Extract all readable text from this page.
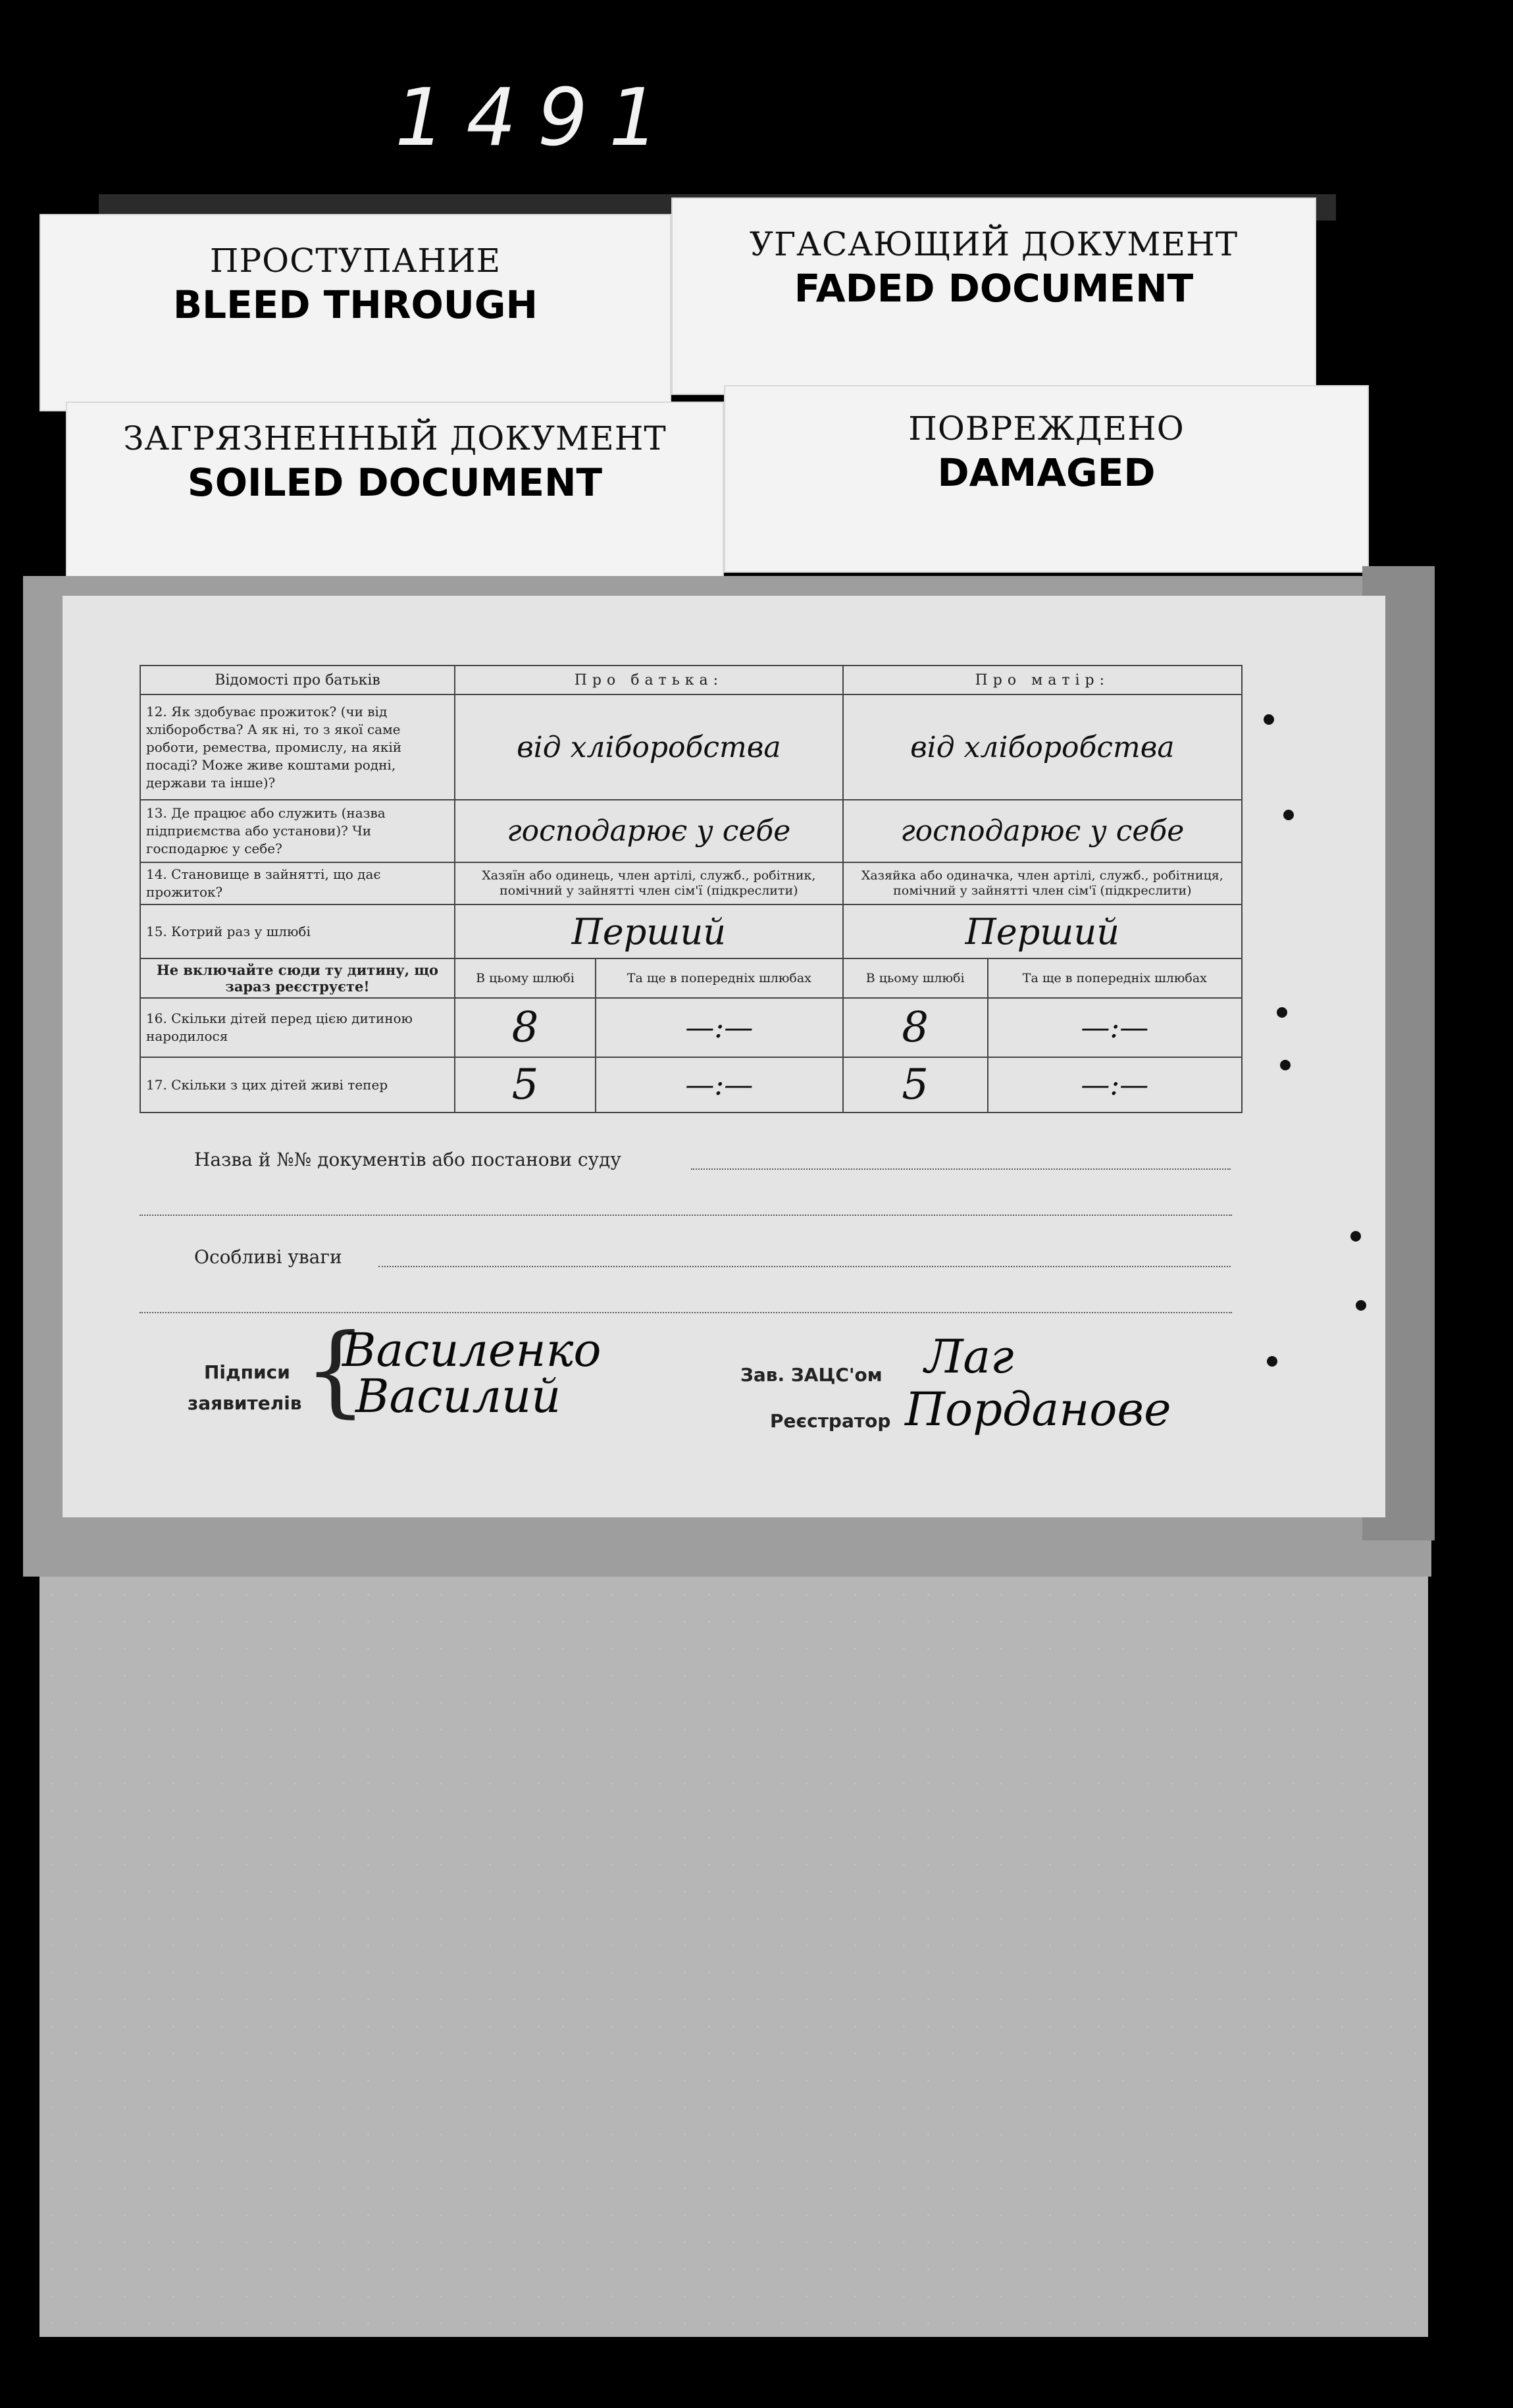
1491
ПРОСТУПАНИЕ
BLEED THROUGH
УГАСАЮЩИЙ ДОКУМЕНТ
FADED DOCUMENT
ЗАГРЯЗНЕННЫЙ ДОКУМЕНТ
SOILED DOCUMENT
ПОВРЕЖДЕНО
DAMAGED
Відомості про батьків	Про батька:		Про матір:	
12. Як здобуває прожиток? (чи від хліборобства? А як ні, то з якої саме роботи, ремества, промислу, на якій посаді? Може живе коштами родні, держави та інше)?	від хліборобства		від хліборобства	
13. Де працює або служить (назва підприємства або установи)? Чи господарює у себе?	господарює у себе		господарює у себе	
14. Становище в зайнятті, що дає прожиток?	Хазяїн або одинець, член артілі, служб., робітник, помічний у зайнятті член сім'ї (підкреслити)		Хазяйка або одиначка, член артілі, служб., робітниця, помічний у зайнятті член сім'ї (підкреслити)	
15. Котрий раз у шлюбі	Перший		Перший	
Не включайте сюди ту дитину, що зараз реєструєте!	В цьому шлюбі	Та ще в попередніх шлюбах	В цьому шлюбі	Та ще в попередніх шлюбах
16. Скільки дітей перед цією дитиною народилося	8	—:—	8	—:—
17. Скільки з цих дітей живі тепер	5	—:—	5	—:—
Назва й №№ документів або постанови суду
Особливі уваги
Підписи
заявителів {
Василенко
Василий	Зав. ЗАЦС'ом Лаг
Реєстратор Порданове
